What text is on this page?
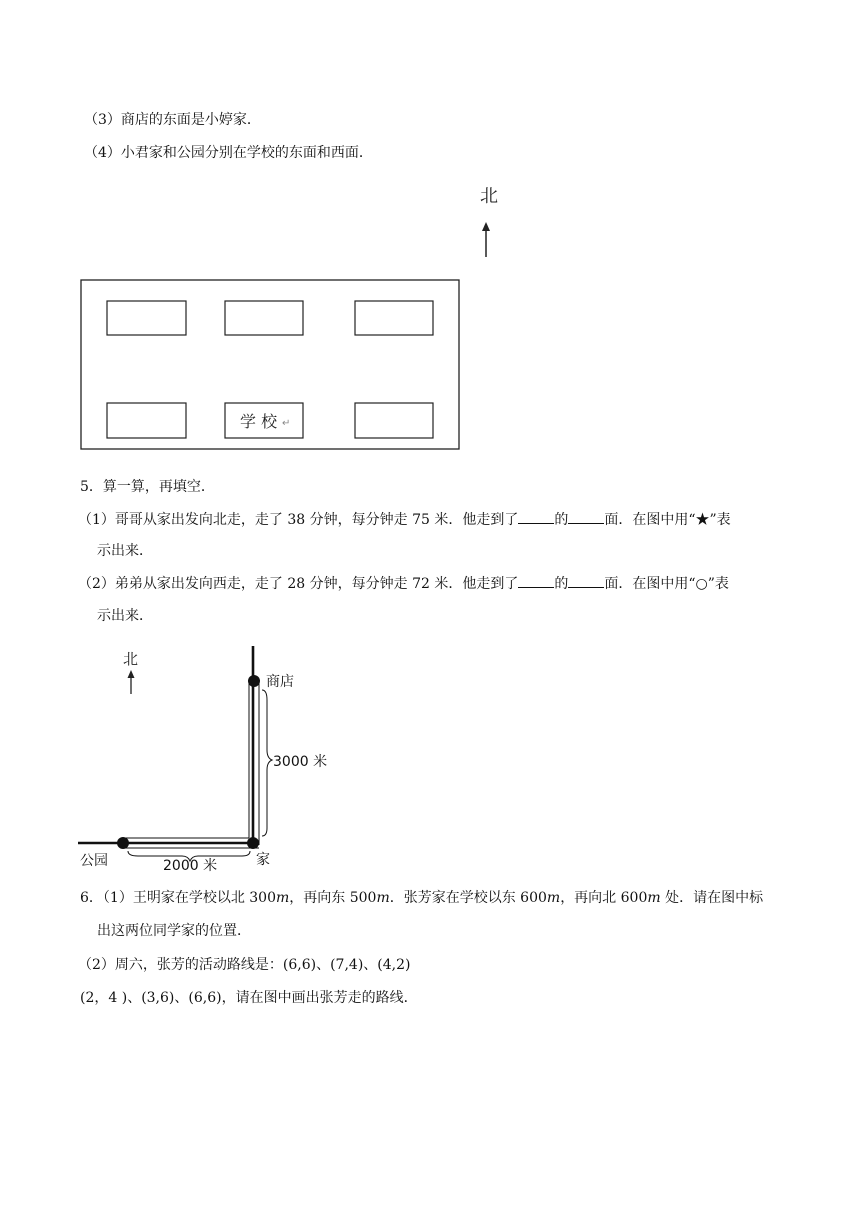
（3）商店的东面是小婷家．
（4）小君家和公园分别在学校的东面和西面．
北
学 校 ↵
5．算一算，再填空．
（1）哥哥从家出发向北走，走了 38 分钟，每分钟走 75 米．他走到了	的	面．在图中用“★”表
示出来．
（2）弟弟从家出发向西走，走了 28 分钟，每分钟走 72 米．他走到了	的	面．在图中用“○”表
示出来．
北
商店
3000 米
公园	2000 米	家
6．（1）王明家在学校以北 300m，再向东 500m．张芳家在学校以东 600m，再向北 600m 处．请在图中标
出这两位同学家的位置．
（2）周六，张芳的活动路线是：(6,6)、(7,4)、(4,2)
(2，4 )、(3,6)、(6,6)，请在图中画出张芳走的路线．
